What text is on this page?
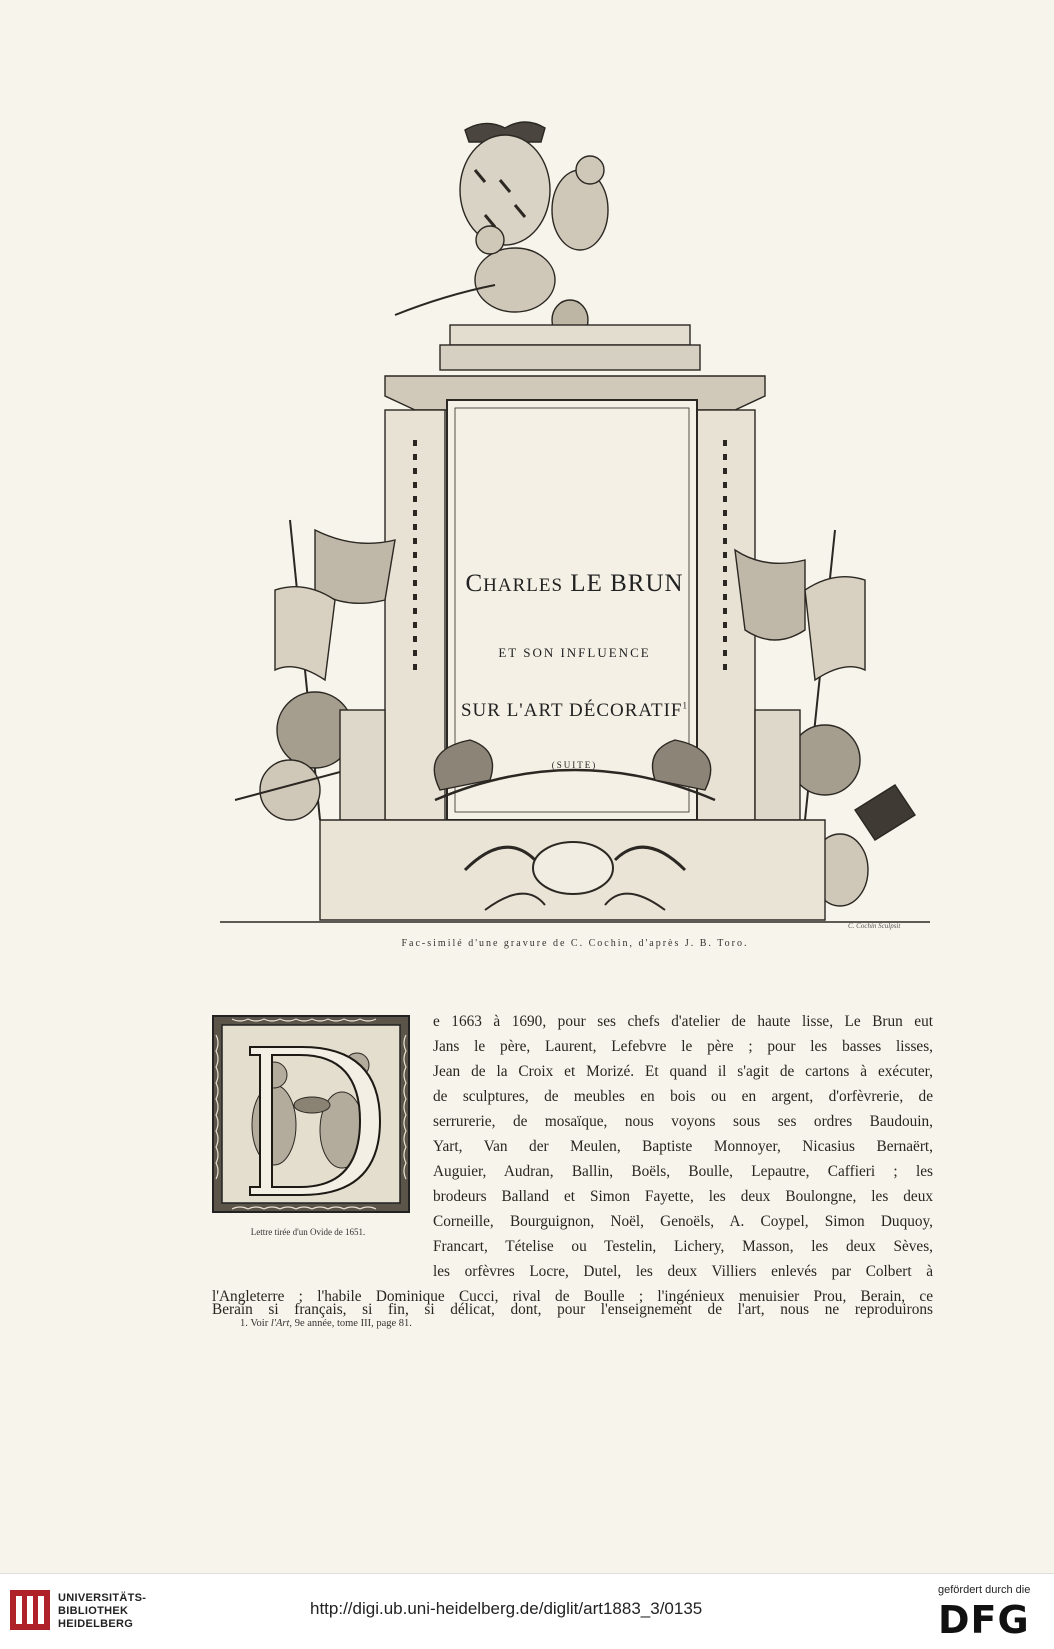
CHARLES LE BRUN
ET SON INFLUENCE
SUR L'ART DÉCORATIF$^1$
(SUITE)
C. Cochin Sculpsit
Fac-similé d'une gravure de C. Cochin, d'après J. B. Toro.
Lettre tirée d'un Ovide de 1651.
e 1663 à 1690, pour ses chefs d'atelier de haute lisse, Le Brun eut
Jans le père, Laurent, Lefebvre le père ; pour les basses lisses,
Jean de la Croix et Morizé. Et quand il s'agit de cartons à exécuter,
de sculptures, de meubles en bois ou en argent, d'orfèvrerie, de
serrurerie, de mosaïque, nous voyons sous ses ordres Baudouin,
Yart, Van der Meulen, Baptiste Monnoyer, Nicasius Bernaërt,
Auguier, Audran, Ballin, Boëls, Boulle, Lepautre, Caffieri ; les
brodeurs Balland et Simon Fayette, les deux Boulongne, les deux
Corneille, Bourguignon, Noël, Genoëls, A. Coypel, Simon Duquoy,
Francart, Tételise ou Testelin, Lichery, Masson, les deux Sèves,
les orfèvres Locre, Dutel, les deux Villiers enlevés par Colbert à
l'Angleterre ; l'habile Dominique Cucci, rival de Boulle ; l'ingénieux menuisier Prou, Berain, ce
Berain si français, si fin, si délicat, dont, pour l'enseignement de l'art, nous ne reproduirons
1. Voir l'Art, 9e année, tome III, page 81.
UNIVERSITÄTS-
BIBLIOTHEK
HEIDELBERG
http://digi.ub.uni-heidelberg.de/diglit/art1883_3/0135
gefördert durch die
DFG
